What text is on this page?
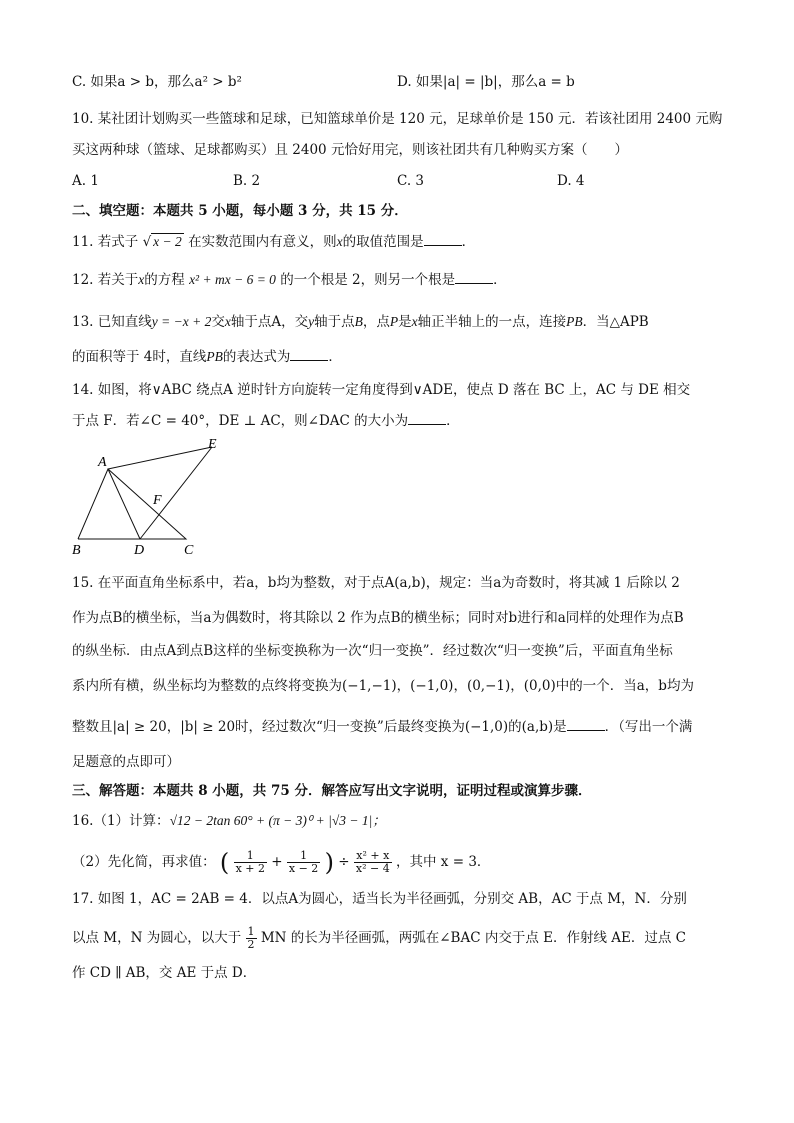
C. 如果a > b，那么a² > b²	D. 如果|a| = |b|，那么a = b
10. 某社团计划购买一些篮球和足球，已知篮球单价是 120 元，足球单价是 150 元．若该社团用 2400 元购
买这两种球（篮球、足球都购买）且 2400 元恰好用完，则该社团共有几种购买方案（　　）
A. 1	B. 2	C. 3	D. 4
二、填空题：本题共 5 小题，每小题 3 分，共 15 分．
11. 若式子 √ x − 2 在实数范围内有意义，则x的取值范围是	．
12. 若关于x的方程 x² + mx − 6 = 0 的一个根是 2，则另一个根是	．
13. 已知直线y = −x + 2交x轴于点A，交y轴于点B，点P是x轴正半轴上的一点，连接PB．当△APB
的面积等于 4时，直线PB的表达式为	．
14. 如图，将∨ABC 绕点A 逆时针方向旋转一定角度得到∨ADE，使点 D 落在 BC 上，AC 与 DE 相交
于点 F．若∠C = 40°，DE ⊥ AC，则∠DAC 的大小为	．
A
E
F
B	D	C
15. 在平面直角坐标系中，若a，b均为整数，对于点A(a,b)，规定：当a为奇数时，将其减 1 后除以 2
作为点B的横坐标，当a为偶数时，将其除以 2 作为点B的横坐标；同时对b进行和a同样的处理作为点B
的纵坐标．由点A到点B这样的坐标变换称为一次“归一变换”．经过数次“归一变换”后，平面直角坐标
系内所有横，纵坐标均为整数的点终将变换为(−1,−1)，(−1,0)，(0,−1)，(0,0)中的一个．当a，b均为
整数且|a| ≥ 20，|b| ≥ 20时，经过数次“归一变换”后最终变换为(−1,0)的(a,b)是	．（写出一个满
足题意的点即可）
三、解答题：本题共 8 小题，共 75 分．解答应写出文字说明，证明过程或演算步骤．
16.（1）计算：√12 − 2tan 60° + (π − 3)⁰ + |√3 − 1|；
（2）先化简，再求值： ( $\frac{1}{x + 2} + \frac{1}{x - 2}$ ) ÷ $\frac{\text{x² + x}}{\text{x² − 4}}$ ，其中 x = 3．
17. 如图 1，AC = 2AB = 4．以点A为圆心，适当长为半径画弧，分别交 AB，AC 于点 M，N．分别
以点 M，N 为圆心，以大于 $\frac{1}{2}$ MN 的长为半径画弧，两弧在∠BAC 内交于点 E．作射线 AE．过点 C
作 CD ∥ AB，交 AE 于点 D．
